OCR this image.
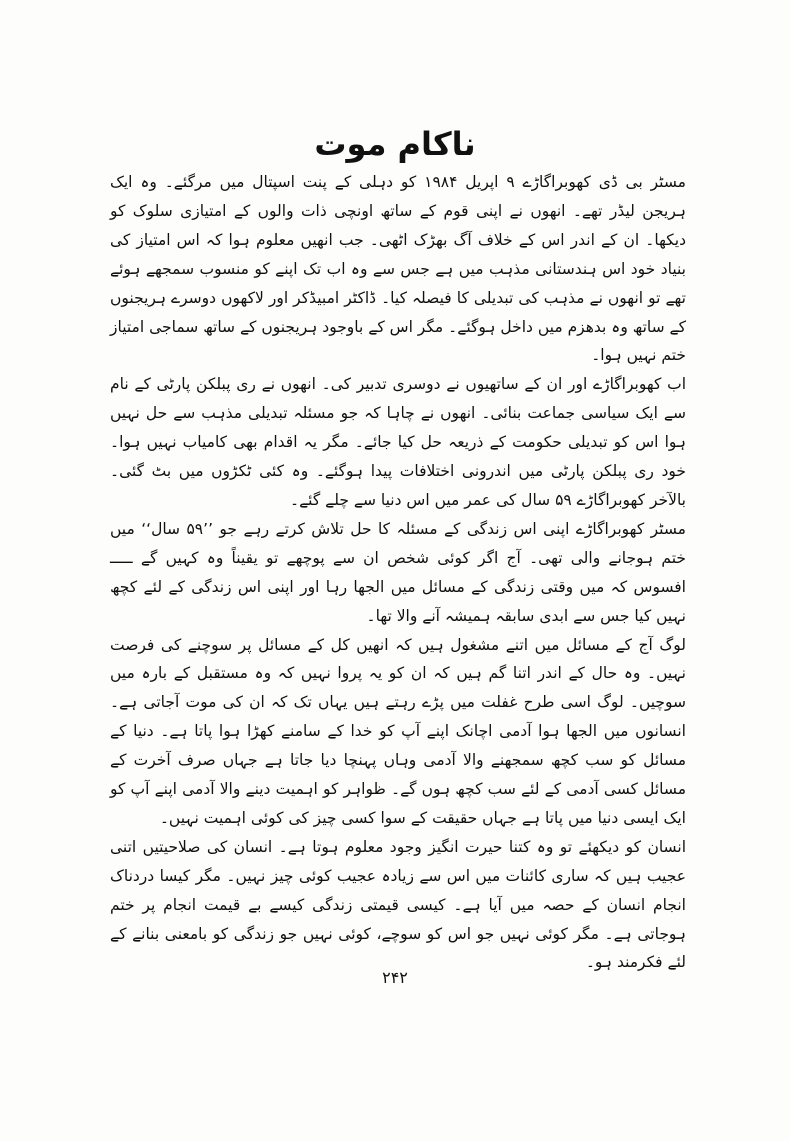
ناکام موت

مسٹر بی ڈی کھوبراگاڑے ۹ اپریل ۱۹۸۴ کو دہلی کے پنت اسپتال میں مرگئے۔ وہ ایک ہریجن لیڈر تھے۔ انھوں نے اپنی قوم کے ساتھ اونچی ذات والوں کے امتیازی سلوک کو دیکھا۔ ان کے اندر اس کے خلاف آگ بھڑک اٹھی۔ جب انھیں معلوم ہوا کہ اس امتیاز کی بنیاد خود اس ہندستانی مذہب میں ہے جس سے وہ اب تک اپنے کو منسوب سمجھے ہوئے تھے تو انھوں نے مذہب کی تبدیلی کا فیصلہ کیا۔ ڈاکٹر امبیڈکر اور لاکھوں دوسرے ہریجنوں کے ساتھ وہ بدھزم میں داخل ہوگئے۔ مگر اس کے باوجود ہریجنوں کے ساتھ سماجی امتیاز ختم نہیں ہوا۔

اب کھوبراگاڑے اور ان کے ساتھیوں نے دوسری تدبیر کی۔ انھوں نے ری پبلکن پارٹی کے نام سے ایک سیاسی جماعت بنائی۔ انھوں نے چاہا کہ جو مسئلہ تبدیلی مذہب سے حل نہیں ہوا اس کو تبدیلی حکومت کے ذریعہ حل کیا جائے۔ مگر یہ اقدام بھی کامیاب نہیں ہوا۔ خود ری پبلکن پارٹی میں اندرونی اختلافات پیدا ہوگئے۔ وہ کئی ٹکڑوں میں بٹ گئی۔ بالآخر کھوبراگاڑے ۵۹ سال کی عمر میں اس دنیا سے چلے گئے۔

مسٹر کھوبراگاڑے اپنی اس زندگی کے مسئلہ کا حل تلاش کرتے رہے جو ’’۵۹ سال‘‘ میں ختم ہوجانے والی تھی۔ آج اگر کوئی شخص ان سے پوچھے تو یقیناً وہ کہیں گے ـــــ افسوس کہ میں وقتی زندگی کے مسائل میں الجھا رہا اور اپنی اس زندگی کے لئے کچھ نہیں کیا جس سے ابدی سابقہ ہمیشہ آنے والا تھا۔

لوگ آج کے مسائل میں اتنے مشغول ہیں کہ انھیں کل کے مسائل پر سوچنے کی فرصت نہیں۔ وہ حال کے اندر اتنا گم ہیں کہ ان کو یہ پروا نہیں کہ وہ مستقبل کے بارہ میں سوچیں۔ لوگ اسی طرح غفلت میں پڑے رہتے ہیں یہاں تک کہ ان کی موت آجاتی ہے۔ انسانوں میں الجھا ہوا آدمی اچانک اپنے آپ کو خدا کے سامنے کھڑا ہوا پاتا ہے۔ دنیا کے مسائل کو سب کچھ سمجھنے والا آدمی وہاں پہنچا دیا جاتا ہے جہاں صرف آخرت کے مسائل کسی آدمی کے لئے سب کچھ ہوں گے۔ ظواہر کو اہمیت دینے والا آدمی اپنے آپ کو ایک ایسی دنیا میں پاتا ہے جہاں حقیقت کے سوا کسی چیز کی کوئی اہمیت نہیں۔

انسان کو دیکھئے تو وہ کتنا حیرت انگیز وجود معلوم ہوتا ہے۔ انسان کی صلاحیتیں اتنی عجیب ہیں کہ ساری کائنات میں اس سے زیادہ عجیب کوئی چیز نہیں۔ مگر کیسا دردناک انجام انسان کے حصہ میں آیا ہے۔ کیسی قیمتی زندگی کیسے بے قیمت انجام پر ختم ہوجاتی ہے۔ مگر کوئی نہیں جو اس کو سوچے، کوئی نہیں جو زندگی کو بامعنی بنانے کے لئے فکرمند ہو۔

۲۴۲
